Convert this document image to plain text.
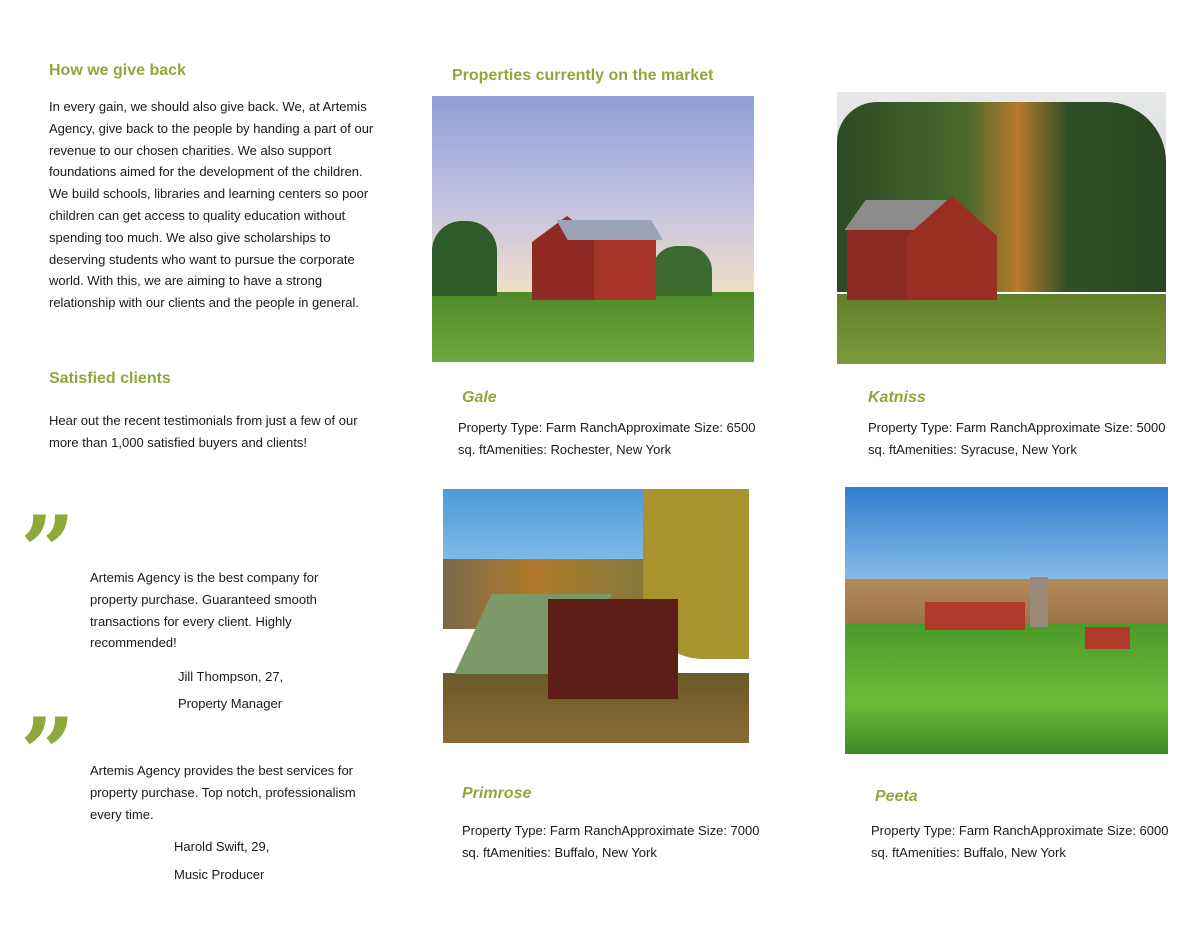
How we give back

In every gain, we should also give back. We, at Artemis Agency, give back to the people by handing a part of our revenue to our chosen charities. We also support foundations aimed for the development of the children. We build schools, libraries and learning centers so poor children can get access to quality education without spending too much. We also give scholarships to deserving students who want to pursue the corporate world. With this, we are aiming to have a strong relationship with our clients and the people in general.

Satisfied clients

Hear out the recent testimonials from just a few of our more than 1,000 satisfied buyers and clients!

” Artemis Agency is the best company for property purchase. Guaranteed smooth transactions for every client. Highly recommended!

Jill Thompson, 27,
Property Manager
” Artemis Agency provides the best services for property purchase. Top notch, professionalism every time.

Harold Swift, 29,
Music Producer
Properties currently on the market
Gale
Property Type: Farm RanchApproximate Size: 6500 sq. ftAmenities: Rochester, New York
Katniss
Property Type: Farm RanchApproximate Size: 5000 sq. ftAmenities: Syracuse, New York
Primrose
Property Type: Farm RanchApproximate Size: 7000 sq. ftAmenities: Buffalo, New York
Peeta
Property Type: Farm RanchApproximate Size: 6000 sq. ftAmenities: Buffalo, New York
